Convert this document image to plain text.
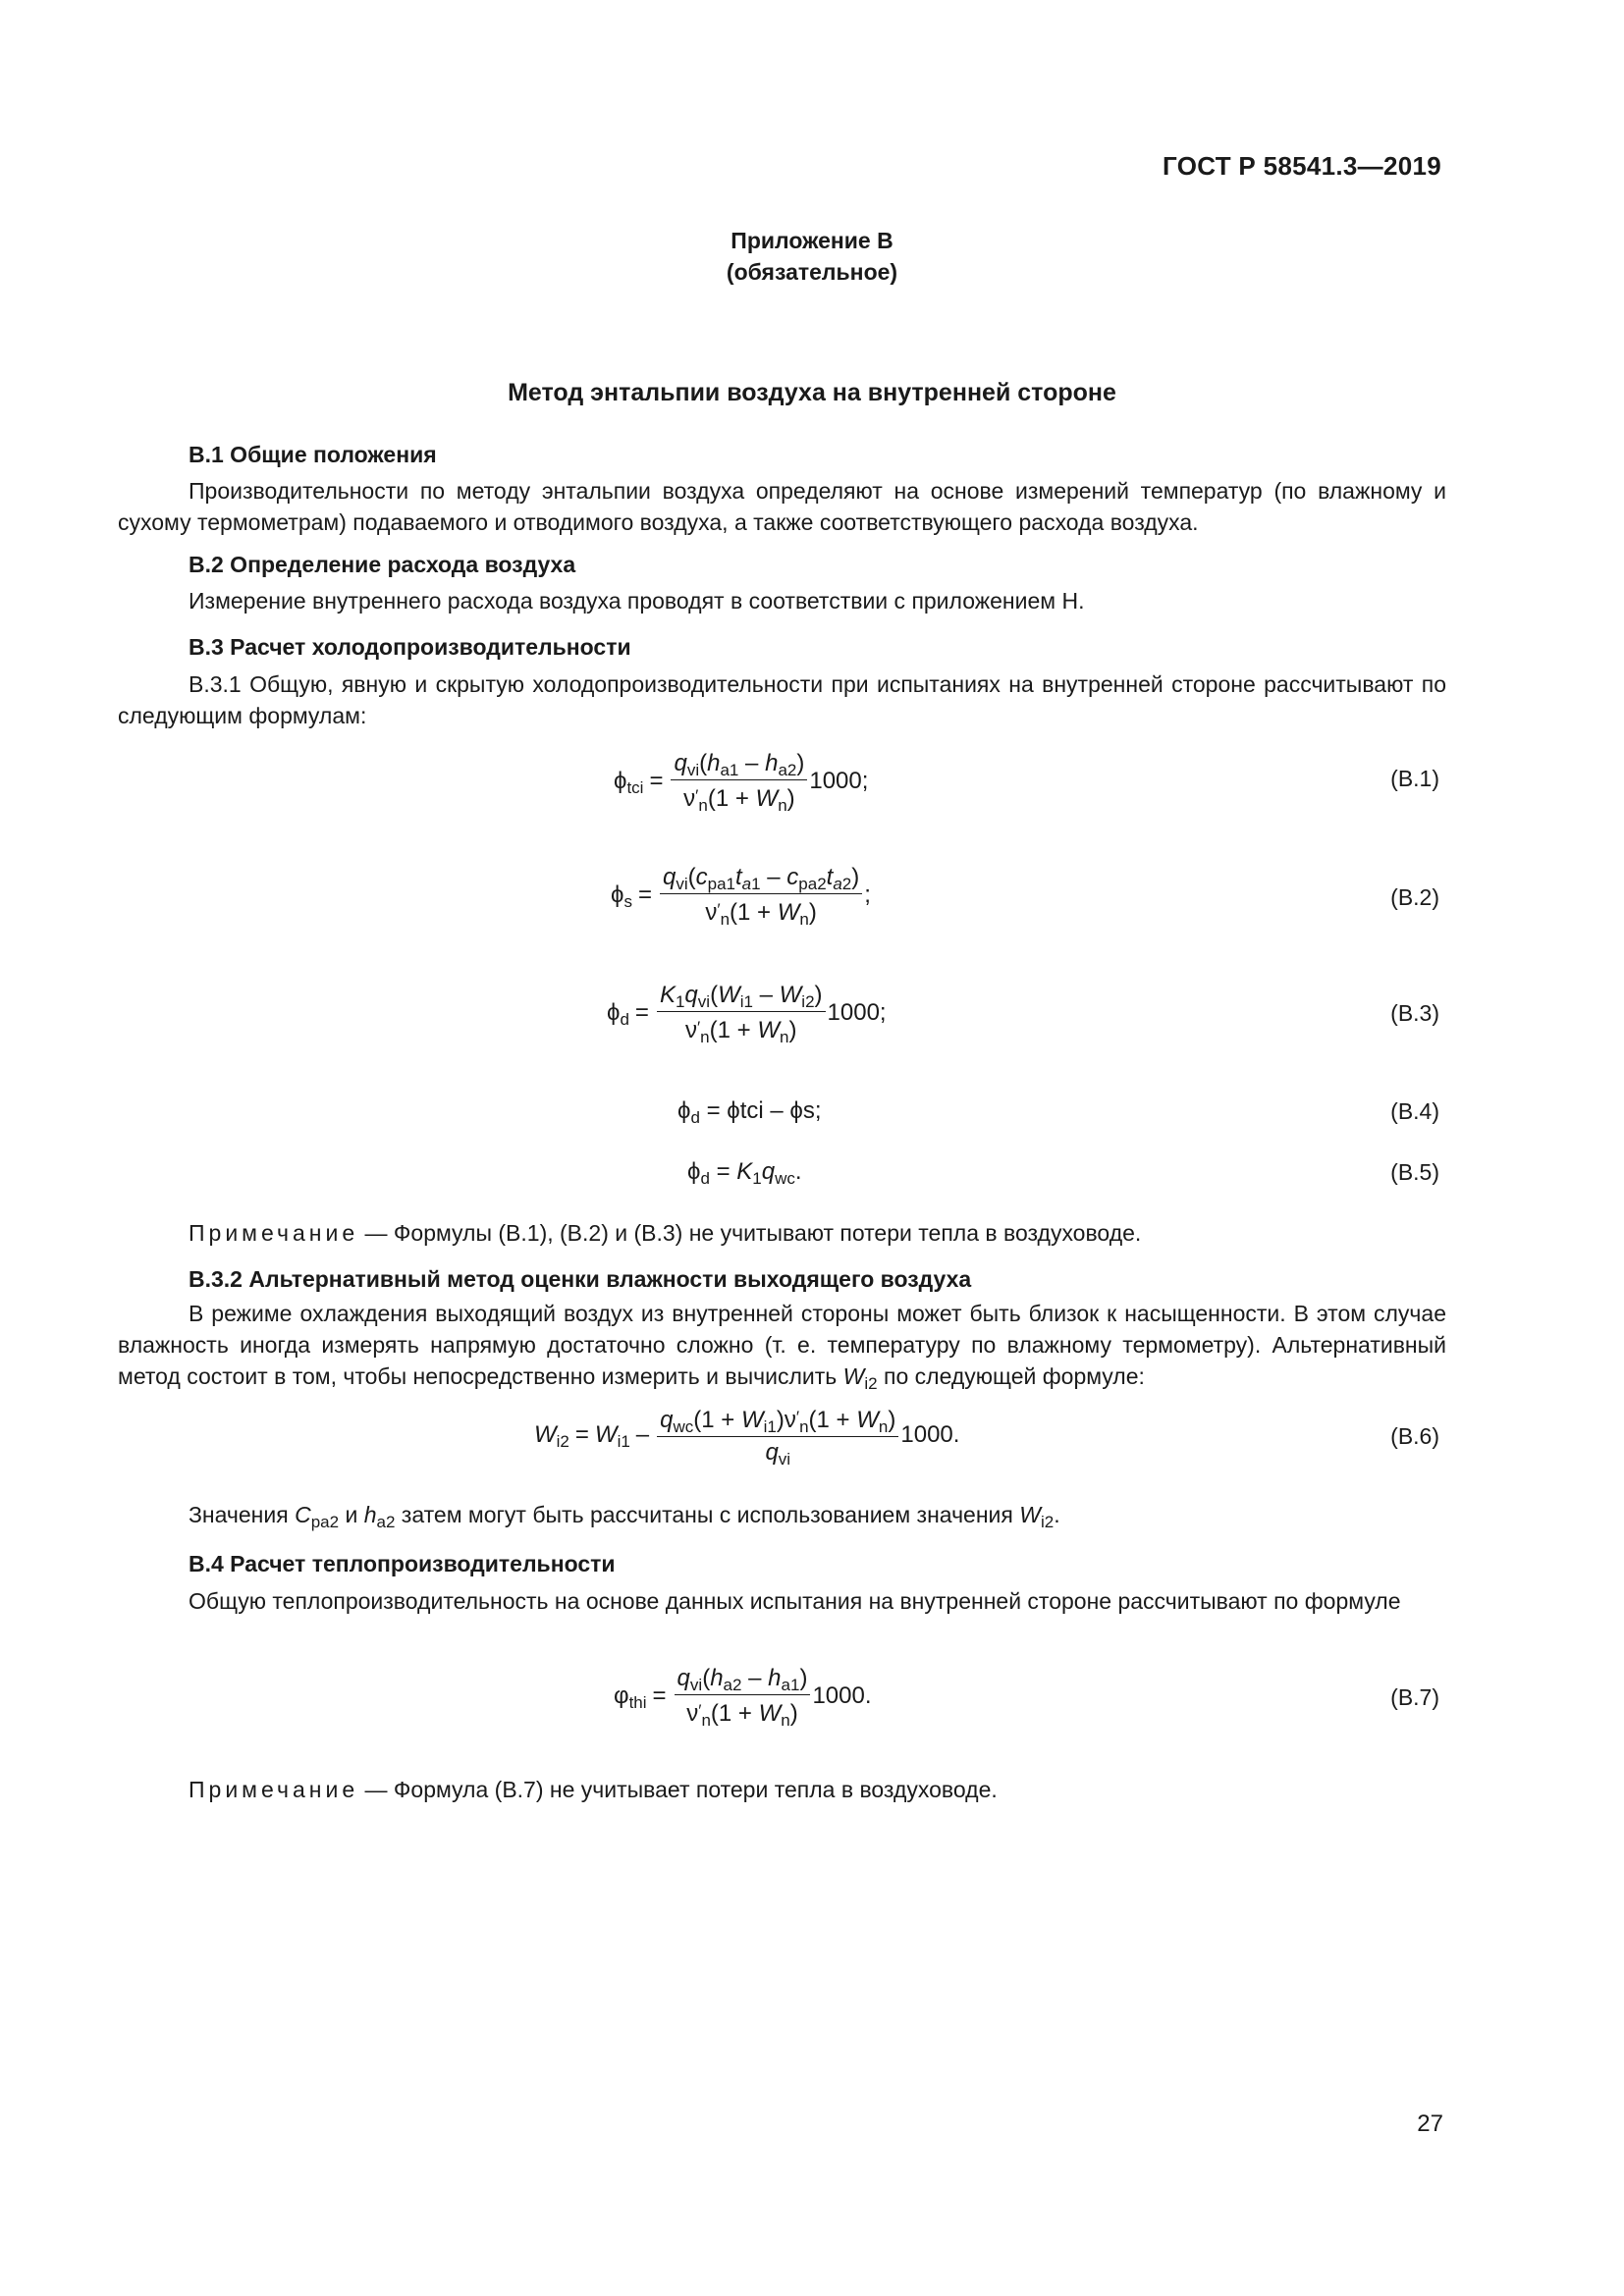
ГОСТ Р 58541.3—2019
Приложение В
(обязательное)
Метод энтальпии воздуха на внутренней стороне
В.1 Общие положения

Производительности по методу энтальпии воздуха определяют на основе измерений температур (по влажному и сухому термометрам) подаваемого и отводимого воздуха, а также соответствующего расхода воздуха.

В.2 Определение расхода воздуха
Измерение внутреннего расхода воздуха проводят в соответствии с приложением Н.
В.3 Расчет холодопроизводительности

В.3.1 Общую, явную и скрытую холодопроизводительности при испытаниях на внутренней стороне рассчитывают по следующим формулам:

$\phi_{tci} = \frac{q_{vi}(h_{a1} - h_{a2})}{\nu'_n(1 + W_n)} 1000$;	(В.1)
$\phi_s = \frac{q_{vi}(c_{pa1}t_{a1} - c_{pa2}t_{a2})}{\nu'_n(1 + W_n)}$ ;	(В.2)
$\phi_d = \frac{K_1q_{vi}(W_{i1} - W_{i2})}{\nu'_n(1 + W_n)} 1000$;	(В.3)
$\phi_d$
= ϕtci – ϕs;	(В.4)
$\phi_d = K_1q_{wc}$ .	(В.5)
Примечание — Формулы (В.1), (В.2) и (В.3) не учитывают потери тепла в воздуховоде.
В.3.2 Альтернативный метод оценки влажности выходящего воздуха

В режиме охлаждения выходящий воздух из внутренней стороны может быть близок к насыщенности. В этом случае влажность иногда измерять напрямую достаточно сложно (т. е. температуру по влажному термометру). Альтернативный метод состоит в том, чтобы непосредственно измерить и вычислить $W_{i2}$ по следующей формуле:

$W_{i2} = W_{i1} - \frac{q_{wc}(1 + W_{i1})\nu'_n(1 + W_n)}{q_{vi}} 1000$.	(В.6)
Значения $C_{pa2}$ и $h_{a2}$ затем могут быть рассчитаны с использованием значения $W_{i2}$.
В.4 Расчет теплопроизводительности

Общую теплопроизводительность на основе данных испытания на внутренней стороне рассчитывают по формуле

$\varphi_{thi} = \frac{q_{vi}(h_{a2} - h_{a1})}{\nu'_n(1 + W_n)} 1000$.	(В.7)
Примечание — Формула (В.7) не учитывает потери тепла в воздуховоде.
27
